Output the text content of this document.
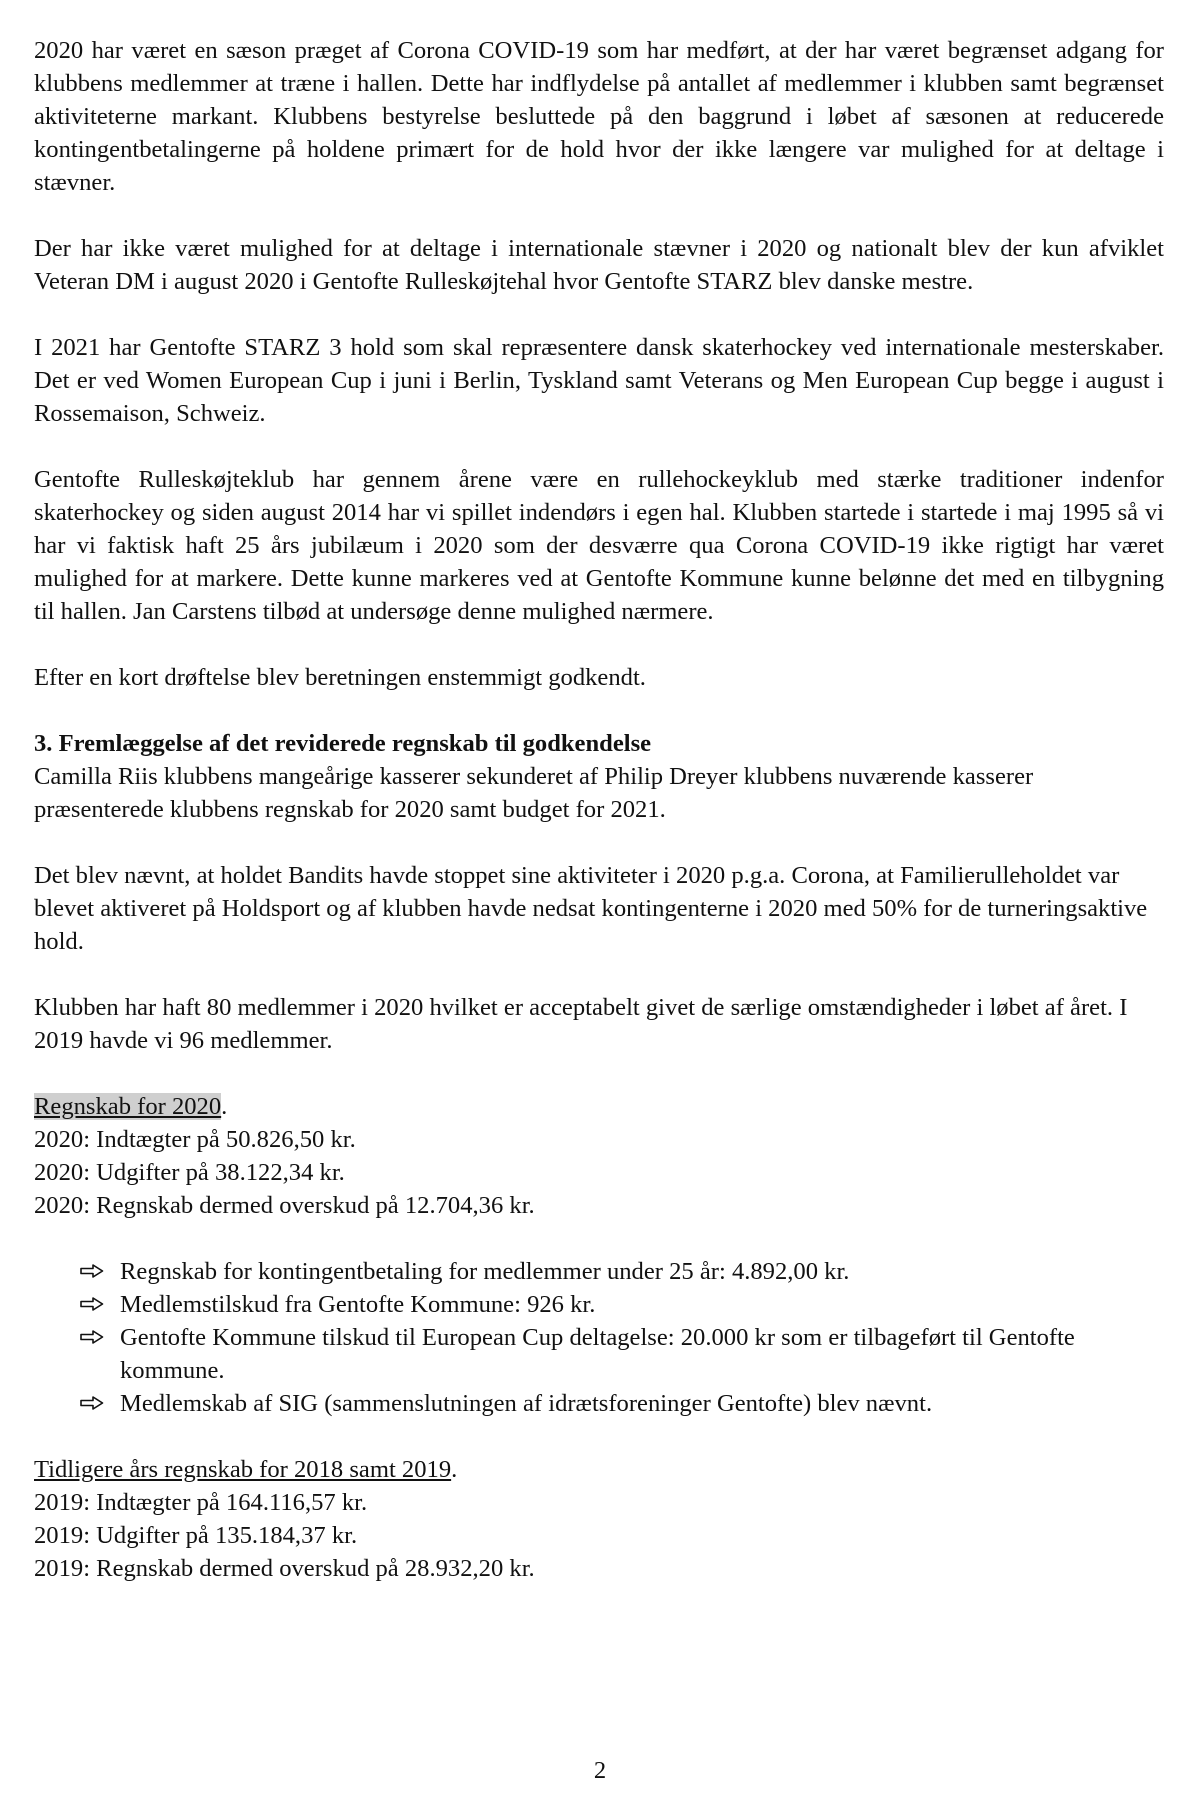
2020 har været en sæson præget af Corona COVID-19 som har medført, at der har været begrænset adgang for klubbens medlemmer at træne i hallen. Dette har indflydelse på antallet af medlemmer i klubben samt begrænset aktiviteterne markant. Klubbens bestyrelse besluttede på den baggrund i løbet af sæsonen at reducerede kontingentbetalingerne på holdene primært for de hold hvor der ikke længere var mulighed for at deltage i stævner.

Der har ikke været mulighed for at deltage i internationale stævner i 2020 og nationalt blev der kun afviklet Veteran DM i august 2020 i Gentofte Rulleskøjtehal hvor Gentofte STARZ blev danske mestre.

I 2021 har Gentofte STARZ 3 hold som skal repræsentere dansk skaterhockey ved internationale mesterskaber. Det er ved Women European Cup i juni i Berlin, Tyskland samt Veterans og Men European Cup begge i august i Rossemaison, Schweiz.

Gentofte Rulleskøjteklub har gennem årene være en rullehockeyklub med stærke traditioner indenfor skaterhockey og siden august 2014 har vi spillet indendørs i egen hal. Klubben startede i startede i maj 1995 så vi har vi faktisk haft 25 års jubilæum i 2020 som der desværre qua Corona COVID-19 ikke rigtigt har været mulighed for at markere. Dette kunne markeres ved at Gentofte Kommune kunne belønne det med en tilbygning til hallen. Jan Carstens tilbød at undersøge denne mulighed nærmere.

Efter en kort drøftelse blev beretningen enstemmigt godkendt.

3. Fremlæggelse af det reviderede regnskab til godkendelse

Camilla Riis klubbens mangeårige kasserer sekunderet af Philip Dreyer klubbens nuværende kasserer præsenterede klubbens regnskab for 2020 samt budget for 2021.

Det blev nævnt, at holdet Bandits havde stoppet sine aktiviteter i 2020 p.g.a. Corona, at Familierulleholdet var blevet aktiveret på Holdsport og af klubben havde nedsat kontingenterne i 2020 med 50% for de turneringsaktive hold.

Klubben har haft 80 medlemmer i 2020 hvilket er acceptabelt givet de særlige omstændigheder i løbet af året. I 2019 havde vi 96 medlemmer.

Regnskab for 2020.

2020: Indtægter på 50.826,50 kr.

2020: Udgifter på 38.122,34 kr.

2020: Regnskab dermed overskud på 12.704,36 kr.

Regnskab for kontingentbetaling for medlemmer under 25 år: 4.892,00 kr.
Medlemstilskud fra Gentofte Kommune: 926 kr.
Gentofte Kommune tilskud til European Cup deltagelse: 20.000 kr som er tilbageført til Gentofte kommune.
Medlemskab af SIG (sammenslutningen af idrætsforeninger Gentofte) blev nævnt.

Tidligere års regnskab for 2018 samt 2019.

2019: Indtægter på 164.116,57 kr.

2019: Udgifter på 135.184,37 kr.

2019: Regnskab dermed overskud på 28.932,20 kr.

2
